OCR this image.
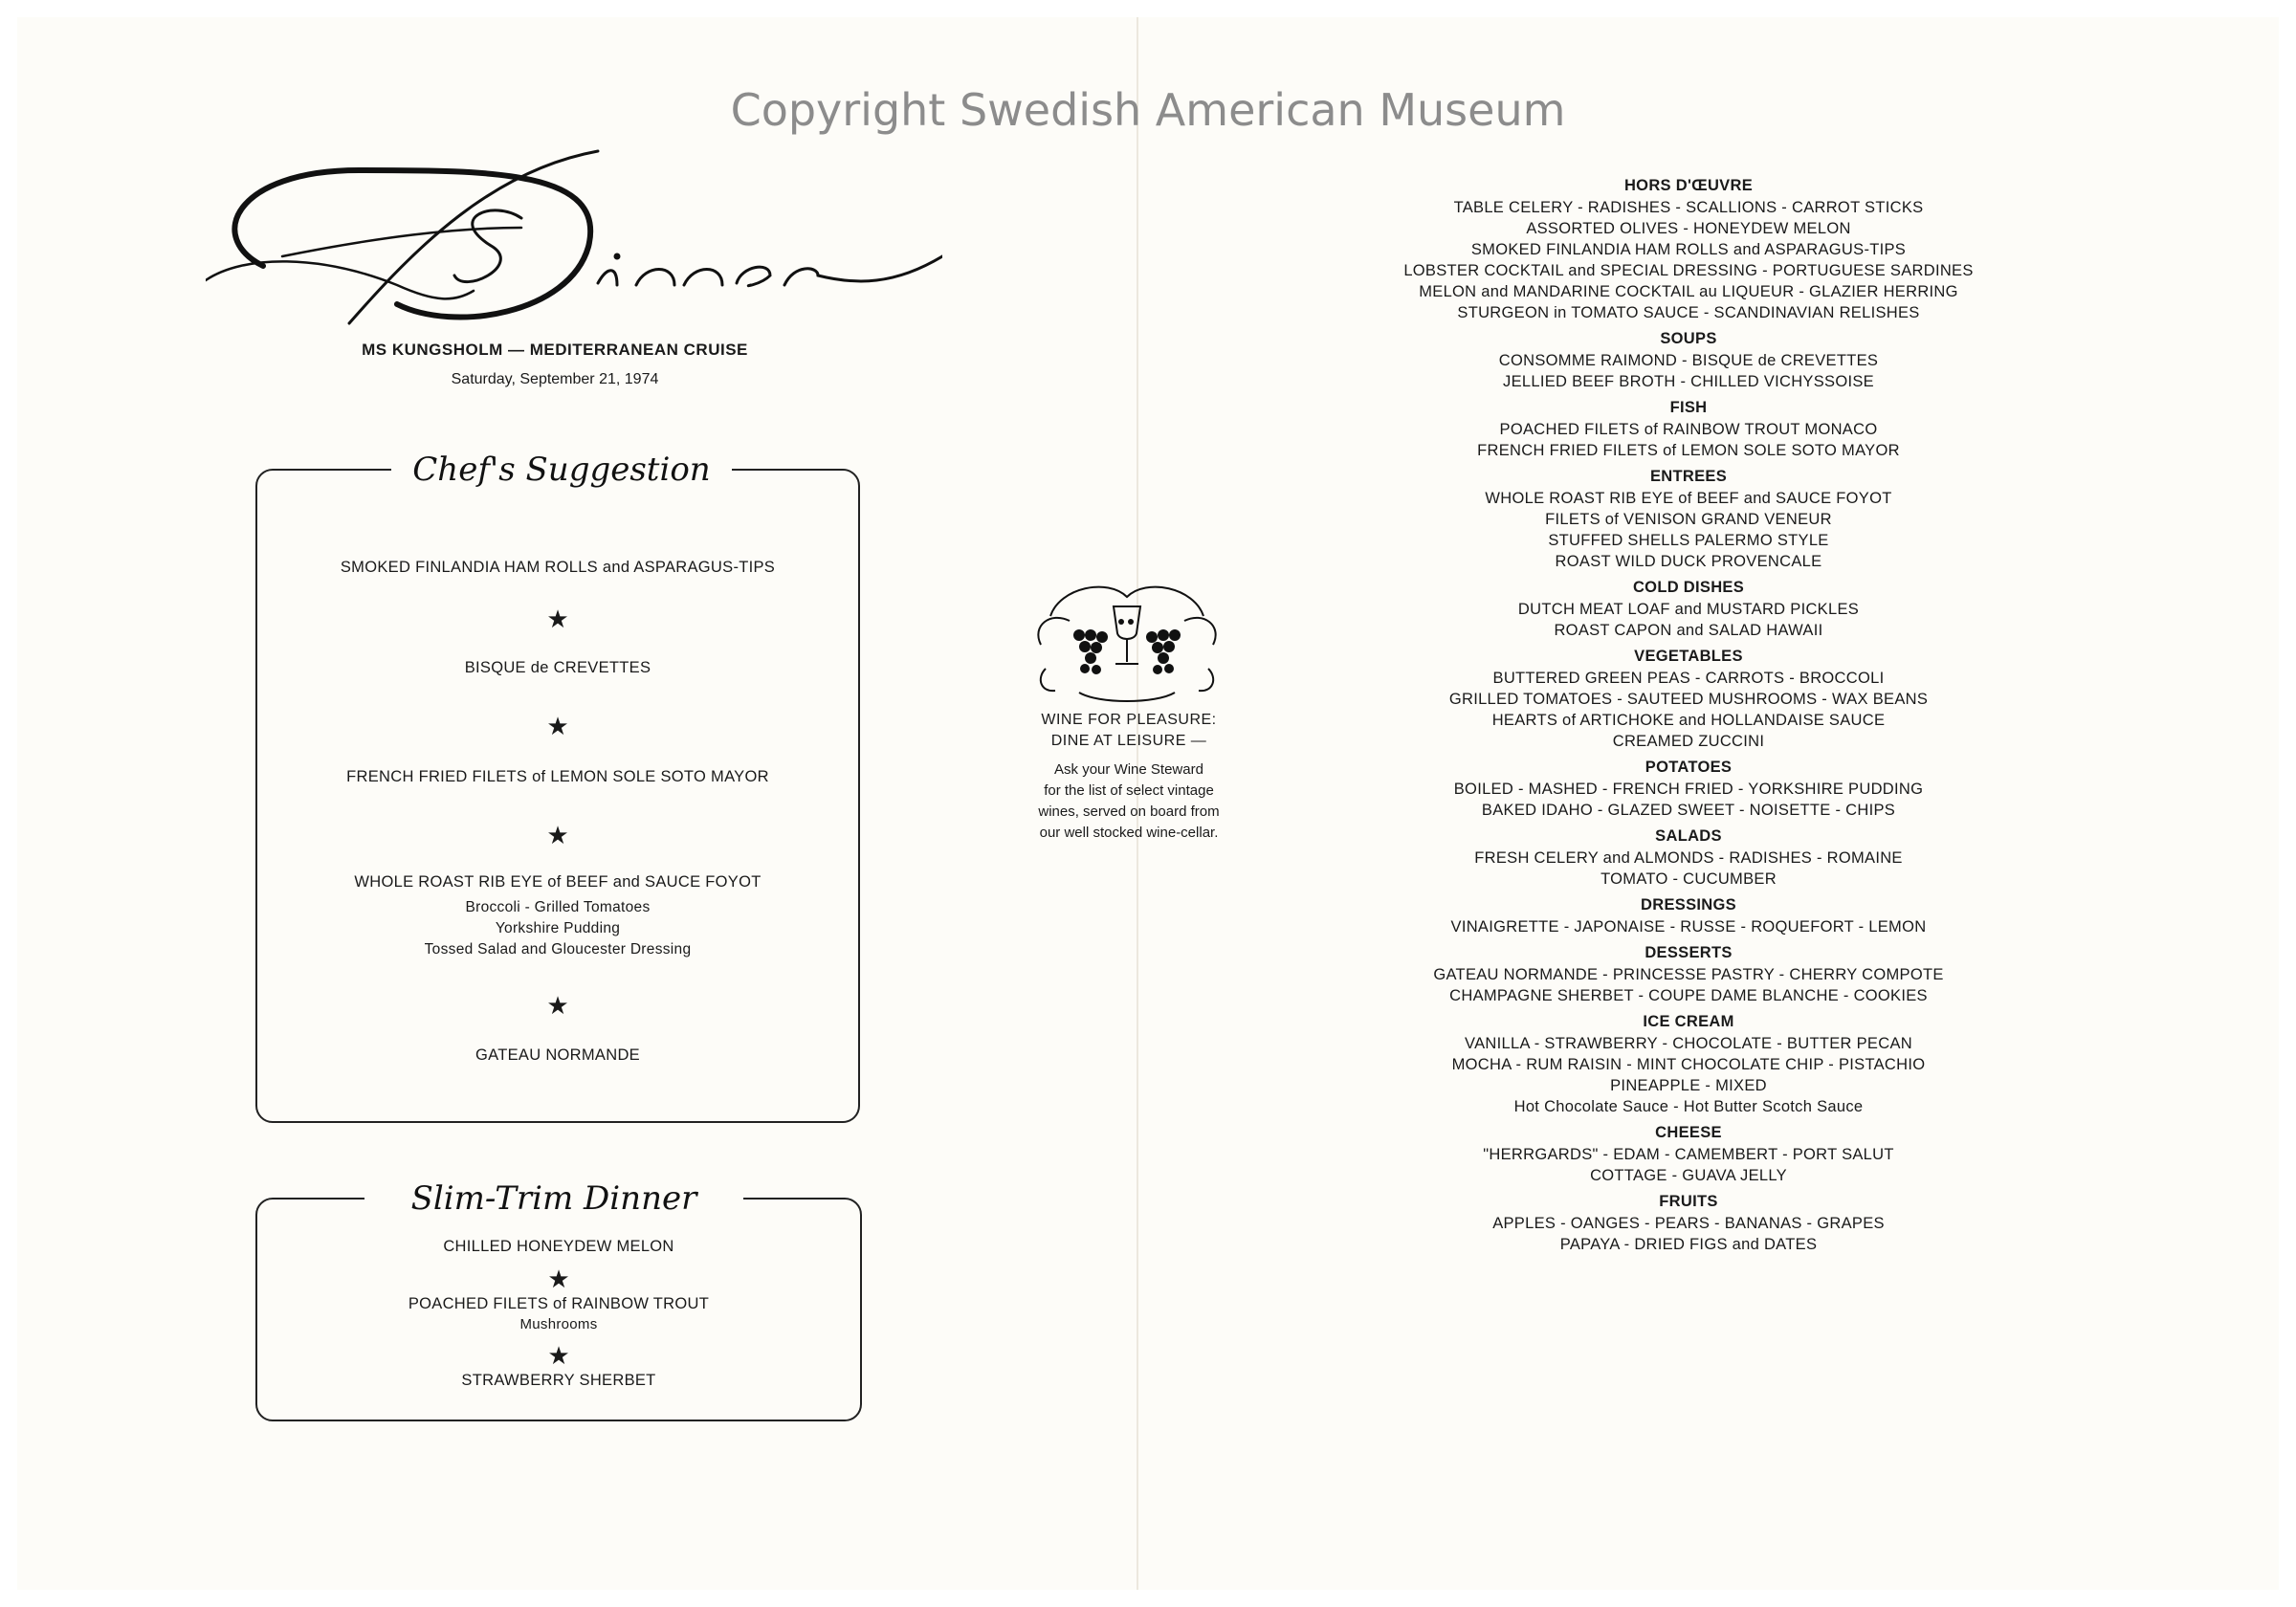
Copyright Swedish American Museum
MS KUNGSHOLM — MEDITERRANEAN CRUISE
Saturday, September 21, 1974
Chef's Suggestion
SMOKED FINLANDIA HAM ROLLS and ASPARAGUS-TIPS
★
BISQUE de CREVETTES
★
FRENCH FRIED FILETS of LEMON SOLE SOTO MAYOR
★
WHOLE ROAST RIB EYE of BEEF and SAUCE FOYOT
Broccoli - Grilled Tomatoes
Yorkshire Pudding
Tossed Salad and Gloucester Dressing
★
GATEAU NORMANDE
Slim-Trim Dinner
CHILLED HONEYDEW MELON
★
POACHED FILETS of RAINBOW TROUT
Mushrooms
★
STRAWBERRY SHERBET
WINE FOR PLEASURE:
DINE AT LEISURE —
Ask your Wine Steward
for the list of select vintage
wines, served on board from
our well stocked wine-cellar.
HORS D'ŒUVRE
TABLE CELERY - RADISHES - SCALLIONS - CARROT STICKS
ASSORTED OLIVES - HONEYDEW MELON
SMOKED FINLANDIA HAM ROLLS and ASPARAGUS-TIPS
LOBSTER COCKTAIL and SPECIAL DRESSING - PORTUGUESE SARDINES
MELON and MANDARINE COCKTAIL au LIQUEUR - GLAZIER HERRING
STURGEON in TOMATO SAUCE - SCANDINAVIAN RELISHES
SOUPS
CONSOMME RAIMOND - BISQUE de CREVETTES
JELLIED BEEF BROTH - CHILLED VICHYSSOISE
FISH
POACHED FILETS of RAINBOW TROUT MONACO
FRENCH FRIED FILETS of LEMON SOLE SOTO MAYOR
ENTREES
WHOLE ROAST RIB EYE of BEEF and SAUCE FOYOT
FILETS of VENISON GRAND VENEUR
STUFFED SHELLS PALERMO STYLE
ROAST WILD DUCK PROVENCALE
COLD DISHES
DUTCH MEAT LOAF and MUSTARD PICKLES
ROAST CAPON and SALAD HAWAII
VEGETABLES
BUTTERED GREEN PEAS - CARROTS - BROCCOLI
GRILLED TOMATOES - SAUTEED MUSHROOMS - WAX BEANS
HEARTS of ARTICHOKE and HOLLANDAISE SAUCE
CREAMED ZUCCINI
POTATOES
BOILED - MASHED - FRENCH FRIED - YORKSHIRE PUDDING
BAKED IDAHO - GLAZED SWEET - NOISETTE - CHIPS
SALADS
FRESH CELERY and ALMONDS - RADISHES - ROMAINE
TOMATO - CUCUMBER
DRESSINGS
VINAIGRETTE - JAPONAISE - RUSSE - ROQUEFORT - LEMON
DESSERTS
GATEAU NORMANDE - PRINCESSE PASTRY - CHERRY COMPOTE
CHAMPAGNE SHERBET - COUPE DAME BLANCHE - COOKIES
ICE CREAM
VANILLA - STRAWBERRY - CHOCOLATE - BUTTER PECAN
MOCHA - RUM RAISIN - MINT CHOCOLATE CHIP - PISTACHIO
PINEAPPLE - MIXED
Hot Chocolate Sauce - Hot Butter Scotch Sauce
CHEESE
"HERRGARDS" - EDAM - CAMEMBERT - PORT SALUT
COTTAGE - GUAVA JELLY
FRUITS
APPLES - OANGES - PEARS - BANANAS - GRAPES
PAPAYA - DRIED FIGS and DATES
